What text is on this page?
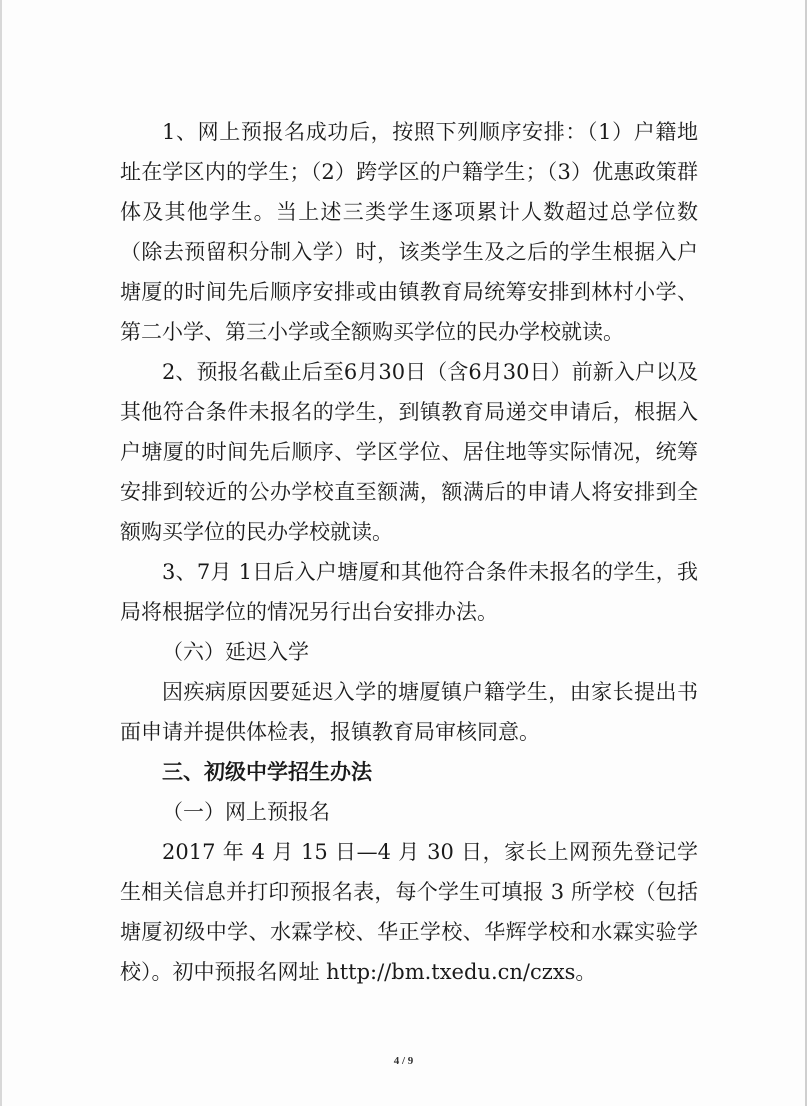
1、网上预报名成功后，按照下列顺序安排：（1）户籍地址在学区内的学生；（2）跨学区的户籍学生；（3）优惠政策群体及其他学生。当上述三类学生逐项累计人数超过总学位数（除去预留积分制入学）时，该类学生及之后的学生根据入户塘厦的时间先后顺序安排或由镇教育局统筹安排到林村小学、第二小学、第三小学或全额购买学位的民办学校就读。

2、预报名截止后至6月30日（含6月30日）前新入户以及其他符合条件未报名的学生，到镇教育局递交申请后，根据入户塘厦的时间先后顺序、学区学位、居住地等实际情况，统筹安排到较近的公办学校直至额满，额满后的申请人将安排到全额购买学位的民办学校就读。

3、7月 1日后入户塘厦和其他符合条件未报名的学生，我局将根据学位的情况另行出台安排办法。

（六）延迟入学

因疾病原因要延迟入学的塘厦镇户籍学生，由家长提出书面申请并提供体检表，报镇教育局审核同意。

三、初级中学招生办法

（一）网上预报名

2017 年 4 月 15 日—4 月 30 日，家长上网预先登记学生相关信息并打印预报名表，每个学生可填报 3 所学校（包括塘厦初级中学、水霖学校、华正学校、华辉学校和水霖实验学校）。初中预报名网址 http://bm.txedu.cn/czxs。

4 / 9
